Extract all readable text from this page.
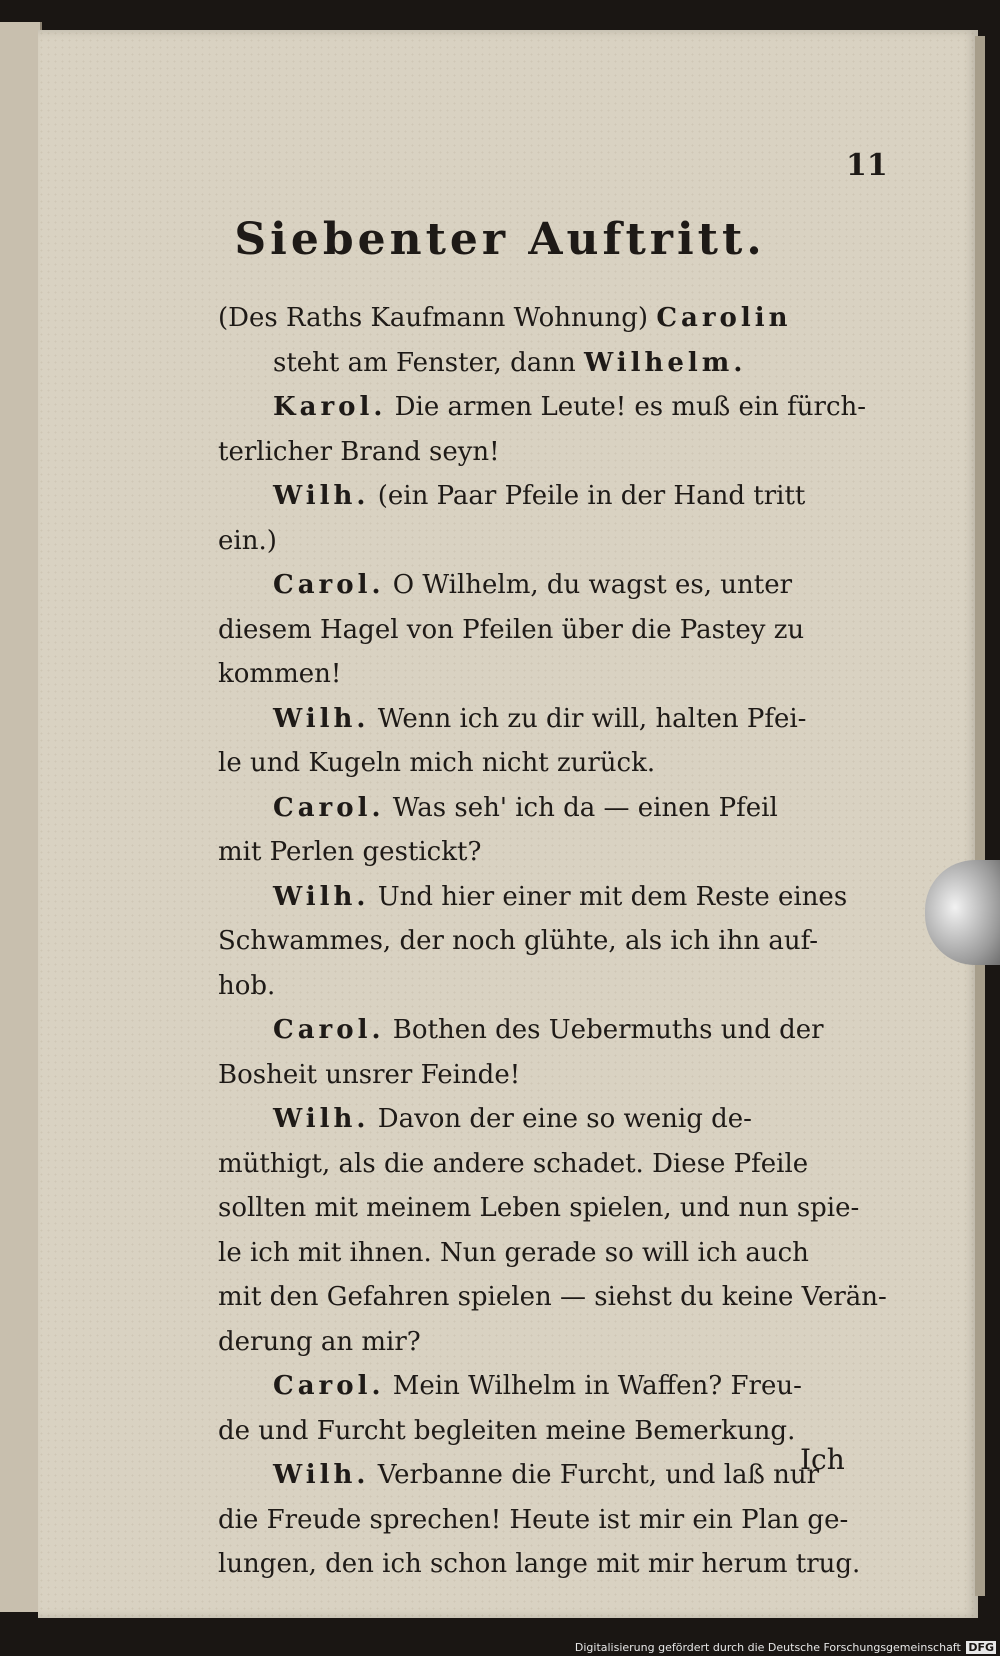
11
Siebenter Auftritt.
(Des Raths Kaufmann Wohnung) Carolin
steht am Fenster, dann Wilhelm.
Karol. Die armen Leute! es muß ein fürch-
terlicher Brand seyn!
Wilh. (ein Paar Pfeile in der Hand tritt
ein.)
Carol. O Wilhelm, du wagst es, unter
diesem Hagel von Pfeilen über die Pastey zu
kommen!
Wilh. Wenn ich zu dir will, halten Pfei-
le und Kugeln mich nicht zurück.
Carol. Was seh' ich da — einen Pfeil
mit Perlen gestickt?
Wilh. Und hier einer mit dem Reste eines
Schwammes, der noch glühte, als ich ihn auf-
hob.
Carol. Bothen des Uebermuths und der
Bosheit unsrer Feinde!
Wilh. Davon der eine so wenig de-
müthigt, als die andere schadet. Diese Pfeile
sollten mit meinem Leben spielen, und nun spie-
le ich mit ihnen. Nun gerade so will ich auch
mit den Gefahren spielen — siehst du keine Verän-
derung an mir?
Carol. Mein Wilhelm in Waffen? Freu-
de und Furcht begleiten meine Bemerkung.
Wilh. Verbanne die Furcht, und laß nur
die Freude sprechen! Heute ist mir ein Plan ge-
lungen, den ich schon lange mit mir herum trug.
Ich
Digitalisierung gefördert durch die Deutsche Forschungsgemeinschaft DFG
